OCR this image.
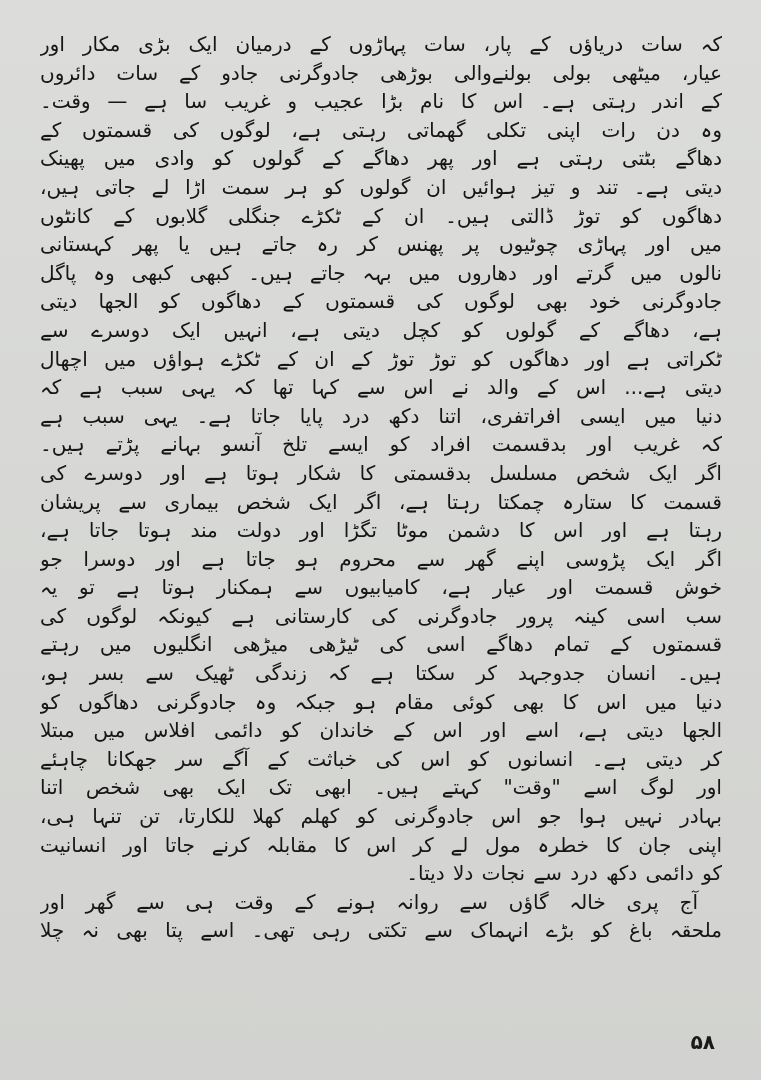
کہ سات دریاؤں کے پار، سات پہاڑوں کے درمیان ایک بڑی مکار اور
عیار، میٹھی بولی بولنےوالی بوڑھی جادوگرنی جادو کے سات دائروں
کے اندر رہتی ہے۔ اس کا نام بڑا عجیب و غریب سا ہے — وقت۔
وہ دن رات اپنی تکلی گھماتی رہتی ہے، لوگوں کی قسمتوں کے
دھاگے بٹتی رہتی ہے اور پھر دھاگے کے گولوں کو وادی میں پھینک
دیتی ہے۔ تند و تیز ہوائیں ان گولوں کو ہر سمت اڑا لے جاتی ہیں،
دھاگوں کو توڑ ڈالتی ہیں۔ ان کے ٹکڑے جنگلی گلابوں کے کانٹوں
میں اور پہاڑی چوٹیوں پر پھنس کر رہ جاتے ہیں یا پھر کہستانی
نالوں میں گرتے اور دھاروں میں بہہ جاتے ہیں۔ کبھی کبھی وہ پاگل
جادوگرنی خود بھی لوگوں کی قسمتوں کے دھاگوں کو الجھا دیتی
ہے، دھاگے کے گولوں کو کچل دیتی ہے، انہیں ایک دوسرے سے
ٹکراتی ہے اور دھاگوں کو توڑ توڑ کے ان کے ٹکڑے ہواؤں میں اچھال
دیتی ہے... اس کے والد نے اس سے کہا تھا کہ یہی سبب ہے کہ
دنیا میں ایسی افراتفری، اتنا دکھ درد پایا جاتا ہے۔ یہی سبب ہے
کہ غریب اور بدقسمت افراد کو ایسے تلخ آنسو بہانے پڑتے ہیں۔
اگر ایک شخص مسلسل بدقسمتی کا شکار ہوتا ہے اور دوسرے کی
قسمت کا ستارہ چمکتا رہتا ہے، اگر ایک شخص بیماری سے پریشان
رہتا ہے اور اس کا دشمن موٹا تگڑا اور دولت مند ہوتا جاتا ہے،
اگر ایک پڑوسی اپنے گھر سے محروم ہو جاتا ہے اور دوسرا جو
خوش قسمت اور عیار ہے، کامیابیوں سے ہمکنار ہوتا ہے تو یہ
سب اسی کینہ پرور جادوگرنی کی کارستانی ہے کیونکہ لوگوں کی
قسمتوں کے تمام دھاگے اسی کی ٹیڑھی میڑھی انگلیوں میں رہتے
ہیں۔ انسان جدوجہد کر سکتا ہے کہ زندگی ٹھیک سے بسر ہو،
دنیا میں اس کا بھی کوئی مقام ہو جبکہ وہ جادوگرنی دھاگوں کو
الجھا دیتی ہے، اسے اور اس کے خاندان کو دائمی افلاس میں مبتلا
کر دیتی ہے۔ انسانوں کو اس کی خباثت کے آگے سر جھکانا چاہئے
اور لوگ اسے "وقت" کہتے ہیں۔ ابھی تک ایک بھی شخص اتنا
بہادر نہیں ہوا جو اس جادوگرنی کو کھلم کھلا للکارتا، تن تنہا ہی،
اپنی جان کا خطرہ مول لے کر اس کا مقابلہ کرنے جاتا اور انسانیت
کو دائمی دکھ درد سے نجات دلا دیتا۔
آج پری خالہ گاؤں سے روانہ ہونے کے وقت ہی سے گھر اور
ملحقہ باغ کو بڑے انہماک سے تکتی رہی تھی۔ اسے پتا بھی نہ چلا
۵۸
